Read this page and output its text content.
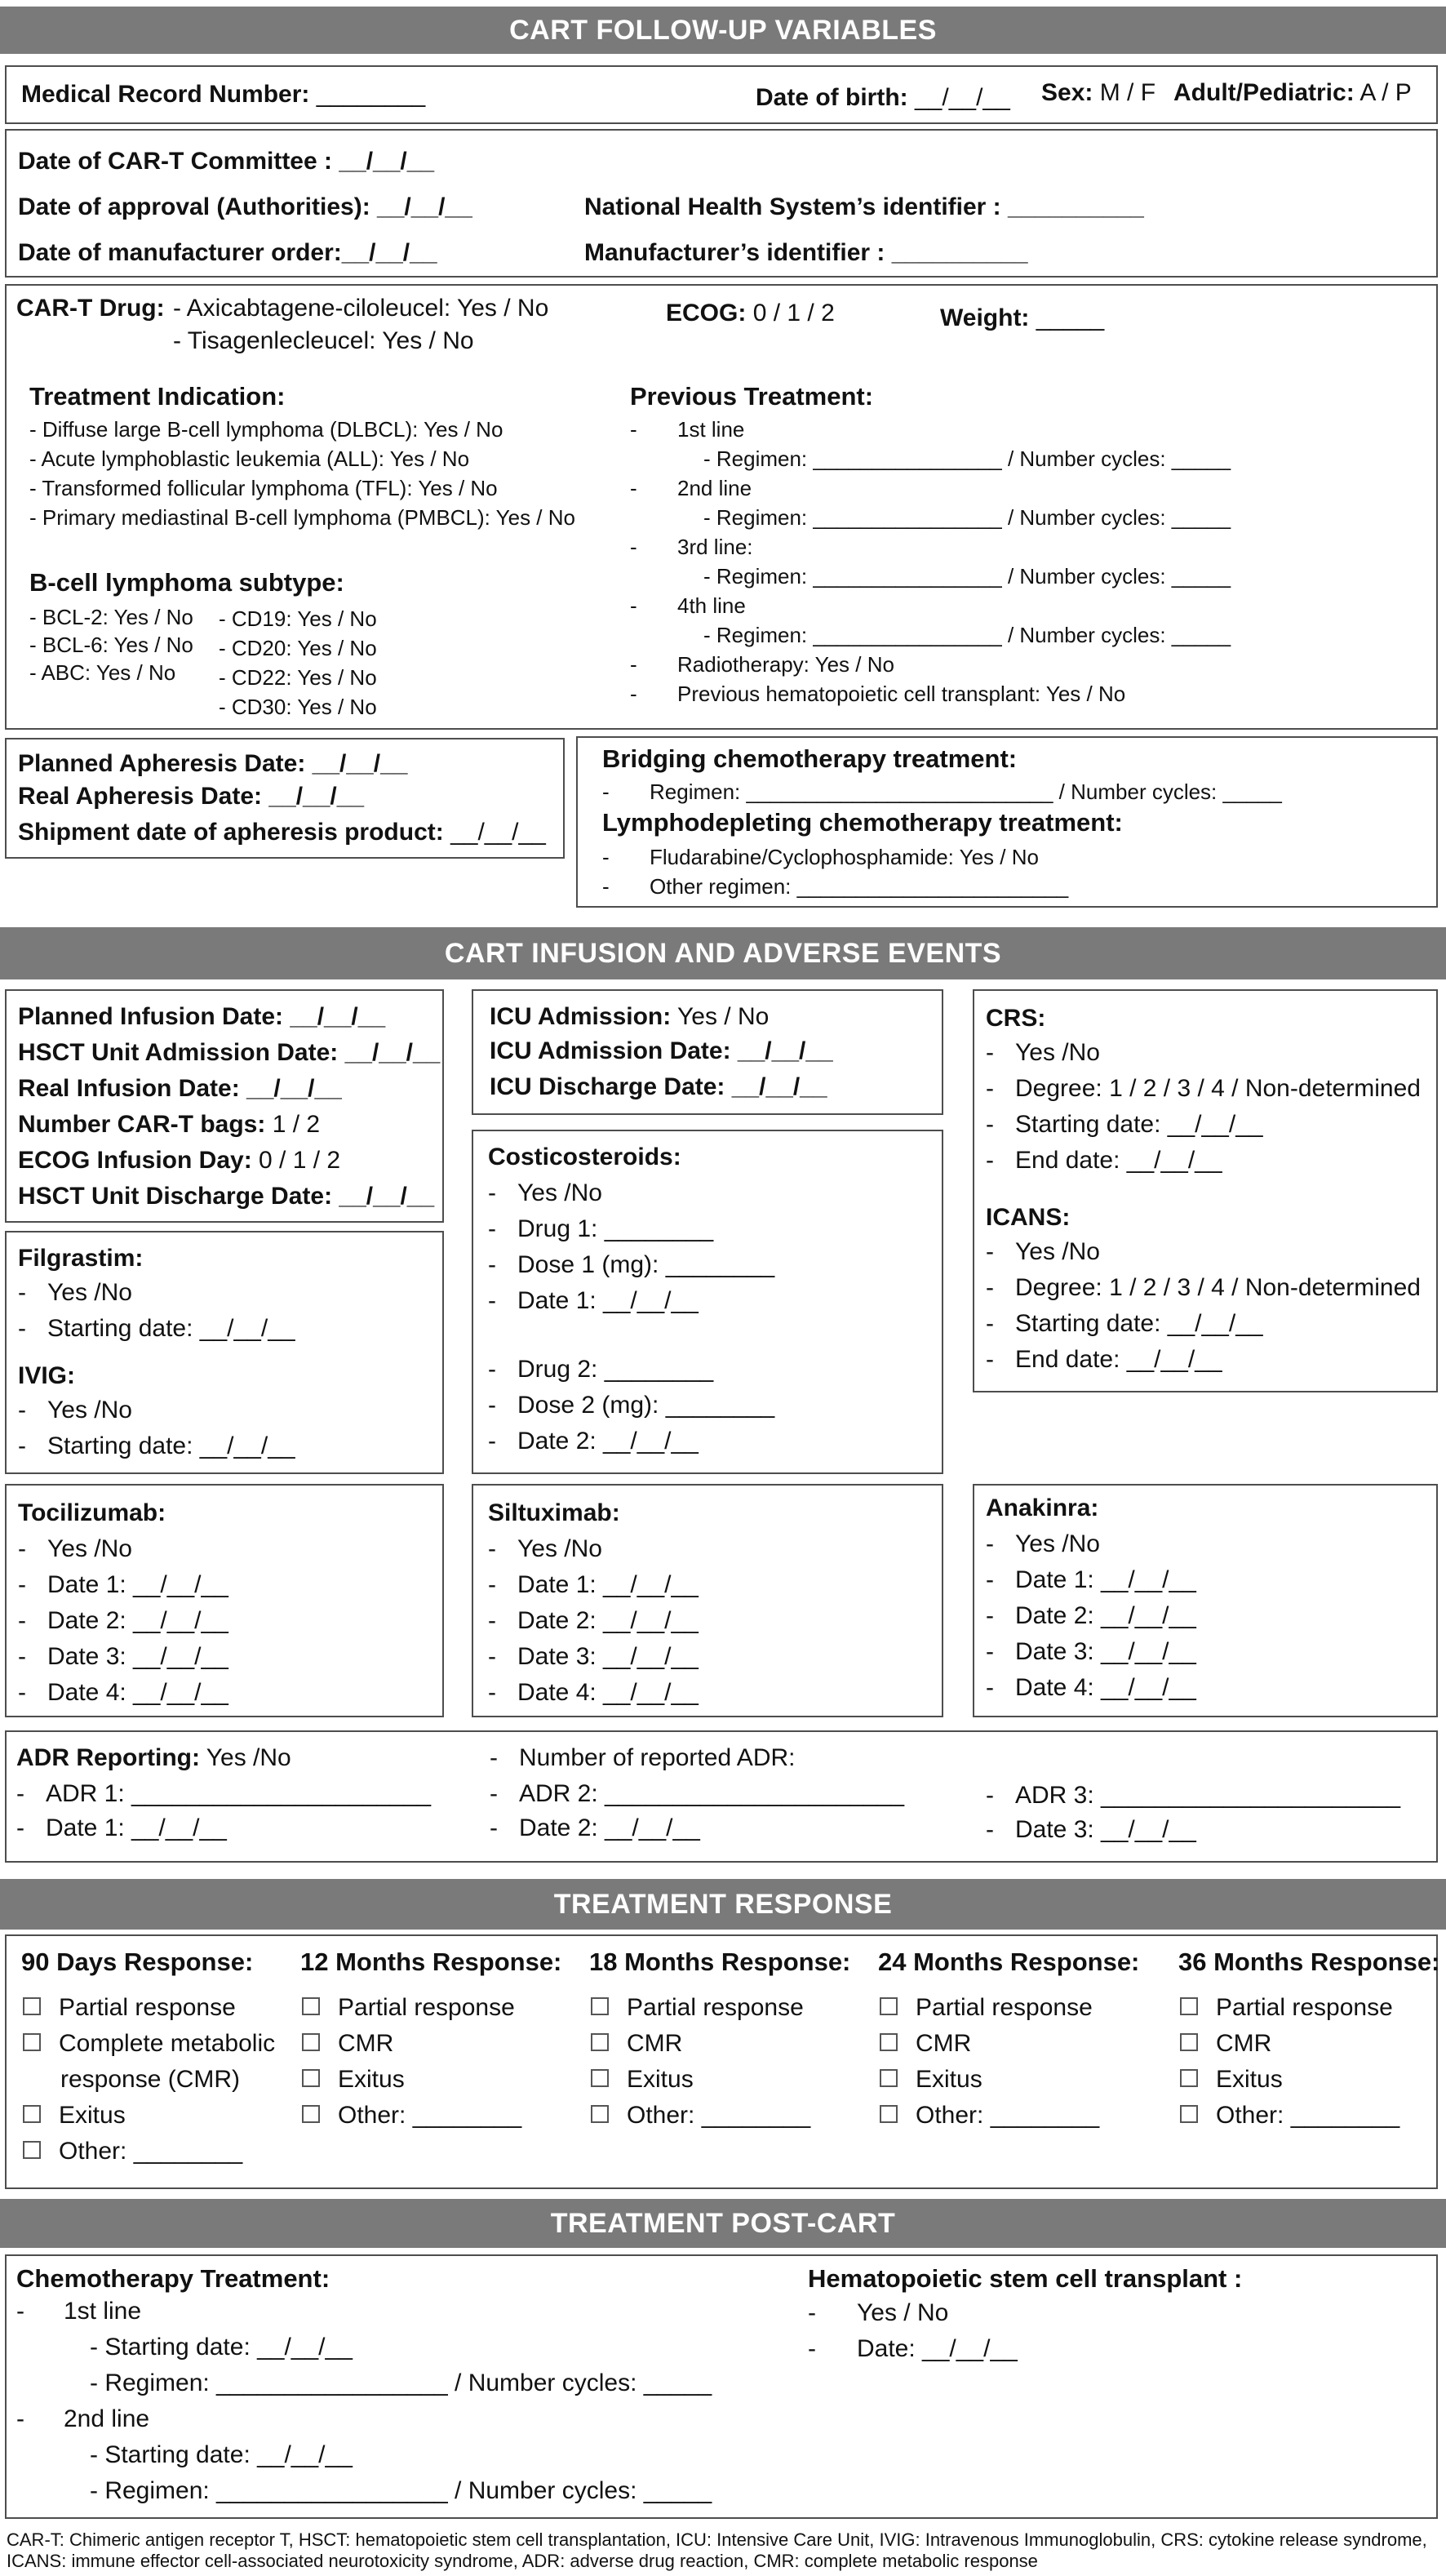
CART FOLLOW-UP VARIABLES
Medical Record Number: ________	Date of birth: __/__/__ Sex: M / F Adult/Pediatric: A / P
Date of CAR-T Committee : __/__/__
Date of approval (Authorities): __/__/__
Date of manufacturer order:__/__/__
National Health System’s identifier : __________
Manufacturer’s identifier : __________
CAR-T Drug: - Axicabtagene-ciloleucel: Yes / No
- Tisagenlecleucel: Yes / No
ECOG: 0 / 1 / 2	Weight: _____
Treatment Indication:
- Diffuse large B-cell lymphoma (DLBCL): Yes / No
- Acute lymphoblastic leukemia (ALL): Yes / No
- Transformed follicular lymphoma (TFL): Yes / No
- Primary mediastinal B-cell lymphoma (PMBCL): Yes / No
B-cell lymphoma subtype:
- BCL-2: Yes / No
- BCL-6: Yes / No
- ABC: Yes / No
- CD19: Yes / No
- CD20: Yes / No
- CD22: Yes / No
- CD30: Yes / No
Previous Treatment:
- 1st line
- Regimen: ________________ / Number cycles: _____
- 2nd line
- Regimen: ________________ / Number cycles: _____
- 3rd line:
- Regimen: ________________ / Number cycles: _____
- 4th line
- Regimen: ________________ / Number cycles: _____
- Radiotherapy: Yes / No
- Previous hematopoietic cell transplant: Yes / No
Planned Apheresis Date: __/__/__
Real Apheresis Date: __/__/__
Shipment date of apheresis product: __/__/__
Bridging chemotherapy treatment:
- Regimen: __________________________ / Number cycles: _____
Lymphodepleting chemotherapy treatment:
- Fludarabine/Cyclophosphamide: Yes / No
- Other regimen: _______________________
CART INFUSION AND ADVERSE EVENTS
Planned Infusion Date: __/__/__
HSCT Unit Admission Date: __/__/__
Real Infusion Date: __/__/__
Number CAR-T bags: 1 / 2
ECOG Infusion Day: 0 / 1 / 2
HSCT Unit Discharge Date: __/__/__
ICU Admission: Yes / No
ICU Admission Date: __/__/__
ICU Discharge Date: __/__/__
CRS:
- Yes /No
- Degree: 1 / 2 / 3 / 4 / Non-determined
- Starting date: __/__/__
- End date: __/__/__
ICANS:
- Yes /No
- Degree: 1 / 2 / 3 / 4 / Non-determined
- Starting date: __/__/__
- End date: __/__/__
Costicosteroids:
- Yes /No
- Drug 1: ________
- Dose 1 (mg): ________
- Date 1: __/__/__
- Drug 2: ________
- Dose 2 (mg): ________
- Date 2: __/__/__
Filgrastim:
- Yes /No
- Starting date: __/__/__
IVIG:
- Yes /No
- Starting date: __/__/__
Tocilizumab:
- Yes /No
- Date 1: __/__/__
- Date 2: __/__/__
- Date 3: __/__/__
- Date 4: __/__/__
Siltuximab:
- Yes /No
- Date 1: __/__/__
- Date 2: __/__/__
- Date 3: __/__/__
- Date 4: __/__/__
Anakinra:
- Yes /No
- Date 1: __/__/__
- Date 2: __/__/__
- Date 3: __/__/__
- Date 4: __/__/__
ADR Reporting: Yes /No
- ADR 1: ______________________
- Date 1: __/__/__
- Number of reported ADR:
- ADR 2: ______________________
- Date 2: __/__/__
- ADR 3: ______________________
- Date 3: __/__/__
TREATMENT RESPONSE
90 Days Response:
Partial response
Complete metabolic
response (CMR)
Exitus
Other: ________
12 Months Response:
Partial response
CMR
Exitus
Other: ________
18 Months Response:
Partial response
CMR
Exitus
Other: ________
24 Months Response:
Partial response
CMR
Exitus
Other: ________
36 Months Response:
Partial response
CMR
Exitus
Other: ________
TREATMENT POST-CART
Chemotherapy Treatment:
- 1st line
- Starting date: __/__/__
- Regimen: _________________ / Number cycles: _____
- 2nd line
- Starting date: __/__/__
- Regimen: _________________ / Number cycles: _____
Hematopoietic stem cell transplant :
- Yes / No
- Date: __/__/__
CAR-T: Chimeric antigen receptor T, HSCT: hematopoietic stem cell transplantation, ICU: Intensive Care Unit, IVIG: Intravenous Immunoglobulin, CRS: cytokine release syndrome,
ICANS: immune effector cell-associated neurotoxicity syndrome, ADR: adverse drug reaction, CMR: complete metabolic response
